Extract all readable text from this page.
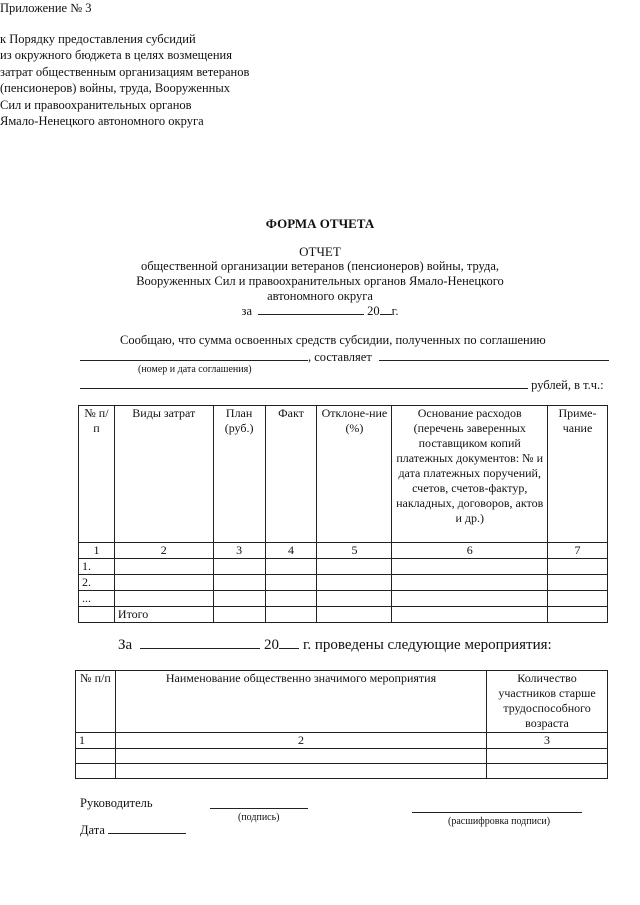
Приложение № 3

к Порядку предоставления субсидий

из окружного бюджета в целях возмещения

затрат общественным организациям ветеранов

(пенсионеров) войны, труда, Вооруженных

Сил и правоохранительных органов

Ямало-Ненецкого автономного округа

ФОРМА ОТЧЕТА
ОТЧЕТ
общественной организации ветеранов (пенсионеров) войны, труда,
Вооруженных Сил и правоохранительных органов Ямало-Ненецкого
автономного округа
за	20 г.
Сообщаю, что сумма освоенных средств субсидии, полученных по соглашению
, составляет
(номер и дата соглашения)
рублей, в т.ч.:
№ п/п	Виды затрат	План (руб.)	Факт	Отклоне-ние (%)	Основание расходов (перечень заверенных поставщиком копий платежных документов: № и дата платежных поручений, счетов, счетов-фактур, накладных, договоров, актов и др.)	Приме-чание
1	2	3	4	5	6	7
1.						
2.						
...						
	Итого					
За	20 г. проведены следующие мероприятия:
№ п/п	Наименование общественно значимого мероприятия	Количество участников старше трудоспособного возраста
1	2	3

Руководитель
(подпись)	(расшифровка подписи)
Дата
